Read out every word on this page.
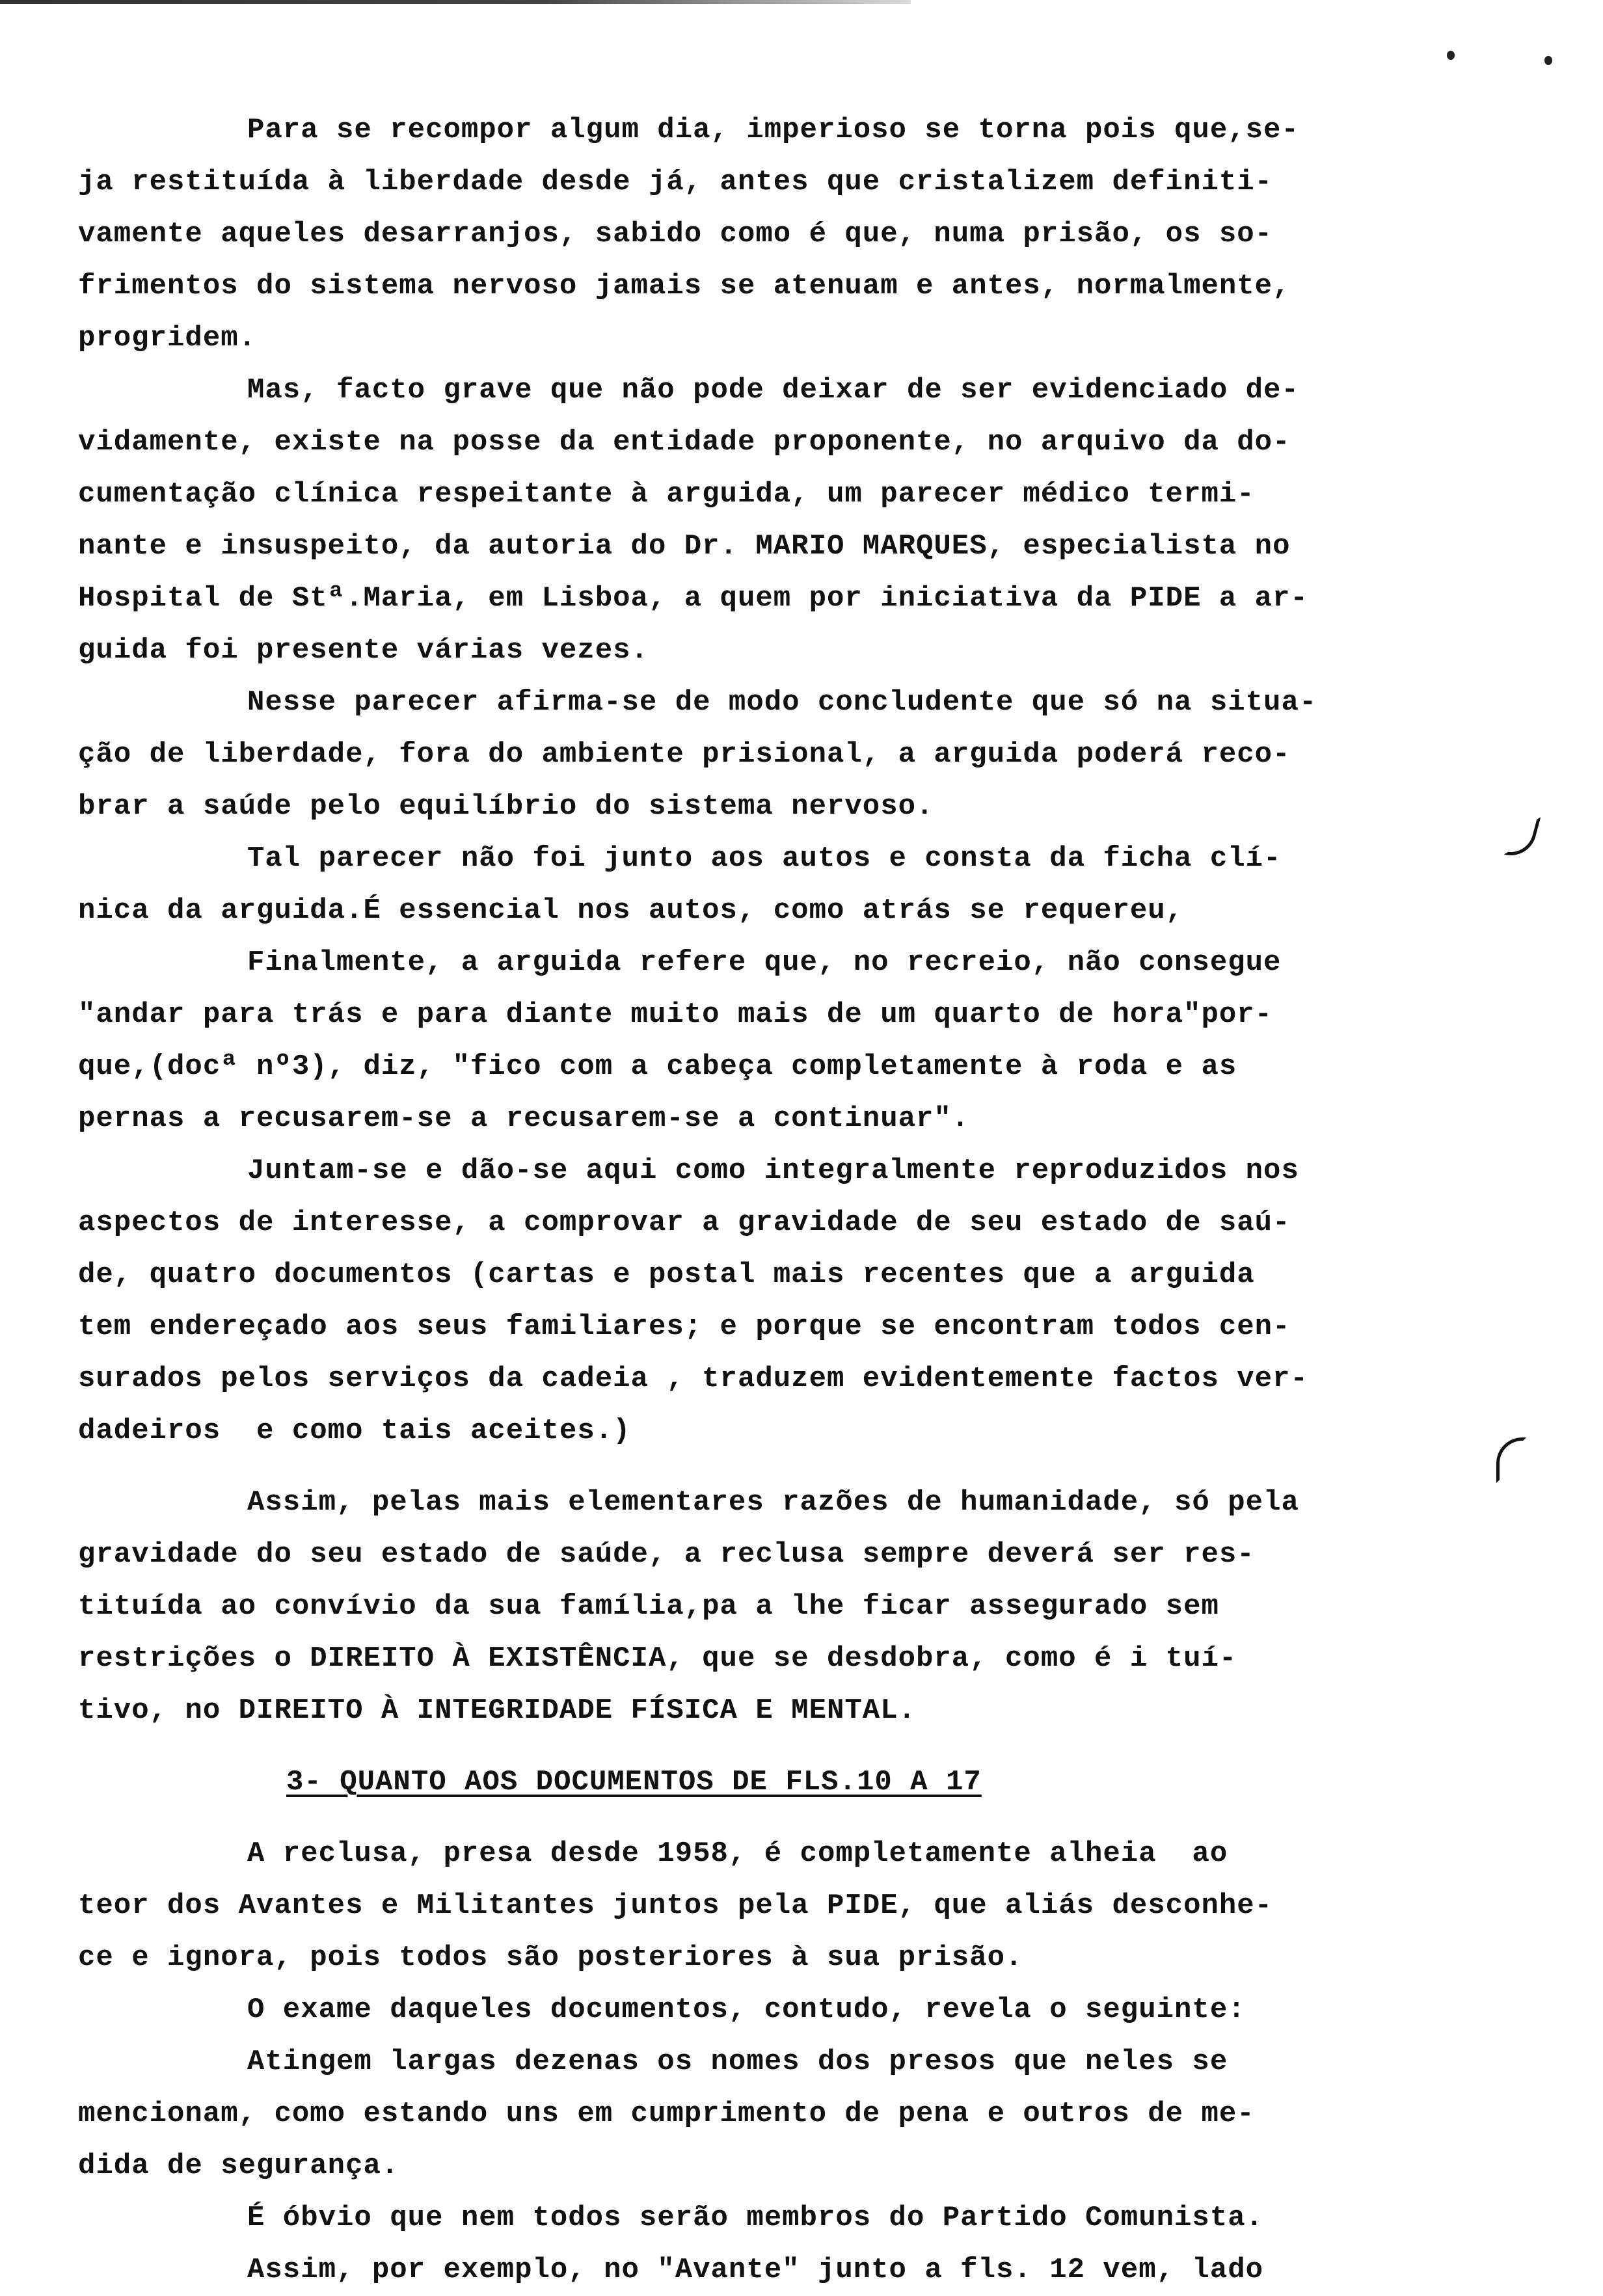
Para se recompor algum dia, imperioso se torna pois que,se-
ja restituída à liberdade desde já, antes que cristalizem definiti-
vamente aqueles desarranjos, sabido como é que, numa prisão, os so-
frimentos do sistema nervoso jamais se atenuam e antes, normalmente,
progridem.
Mas, facto grave que não pode deixar de ser evidenciado de-
vidamente, existe na posse da entidade proponente, no arquivo da do-
cumentação clínica respeitante à arguida, um parecer médico termi-
nante e insuspeito, da autoria do Dr. MARIO MARQUES, especialista no
Hospital de Stª.Maria, em Lisboa, a quem por iniciativa da PIDE a ar-
guida foi presente várias vezes.
Nesse parecer afirma-se de modo concludente que só na situa-
ção de liberdade, fora do ambiente prisional, a arguida poderá reco-
brar a saúde pelo equilíbrio do sistema nervoso.
Tal parecer não foi junto aos autos e consta da ficha clí-
nica da arguida.É essencial nos autos, como atrás se requereu,
Finalmente, a arguida refere que, no recreio, não consegue
"andar para trás e para diante muito mais de um quarto de hora"por-
que,(docª nº3), diz, "fico com a cabeça completamente à roda e as
pernas a recusarem-se a recusarem-se a continuar".
Juntam-se e dão-se aqui como integralmente reproduzidos nos
aspectos de interesse, a comprovar a gravidade de seu estado de saú-
de, quatro documentos (cartas e postal mais recentes que a arguida
tem endereçado aos seus familiares; e porque se encontram todos cen-
surados pelos serviços da cadeia , traduzem evidentemente factos ver-
dadeiros  e como tais aceites.)
Assim, pelas mais elementares razões de humanidade, só pela
gravidade do seu estado de saúde, a reclusa sempre deverá ser res-
tituída ao convívio da sua família,pa a lhe ficar assegurado sem
restrições o DIREITO À EXISTÊNCIA, que se desdobra, como é i tuí-
tivo, no DIREITO À INTEGRIDADE FÍSICA E MENTAL.
3- QUANTO AOS DOCUMENTOS DE FLS.10 A 17
A reclusa, presa desde 1958, é completamente alheia  ao
teor dos Avantes e Militantes juntos pela PIDE, que aliás desconhe-
ce e ignora, pois todos são posteriores à sua prisão.
O exame daqueles documentos, contudo, revela o seguinte:
Atingem largas dezenas os nomes dos presos que neles se
mencionam, como estando uns em cumprimento de pena e outros de me-
dida de segurança.
É óbvio que nem todos serão membros do Partido Comunista.
Assim, por exemplo, no "Avante" junto a fls. 12 vem, lado
